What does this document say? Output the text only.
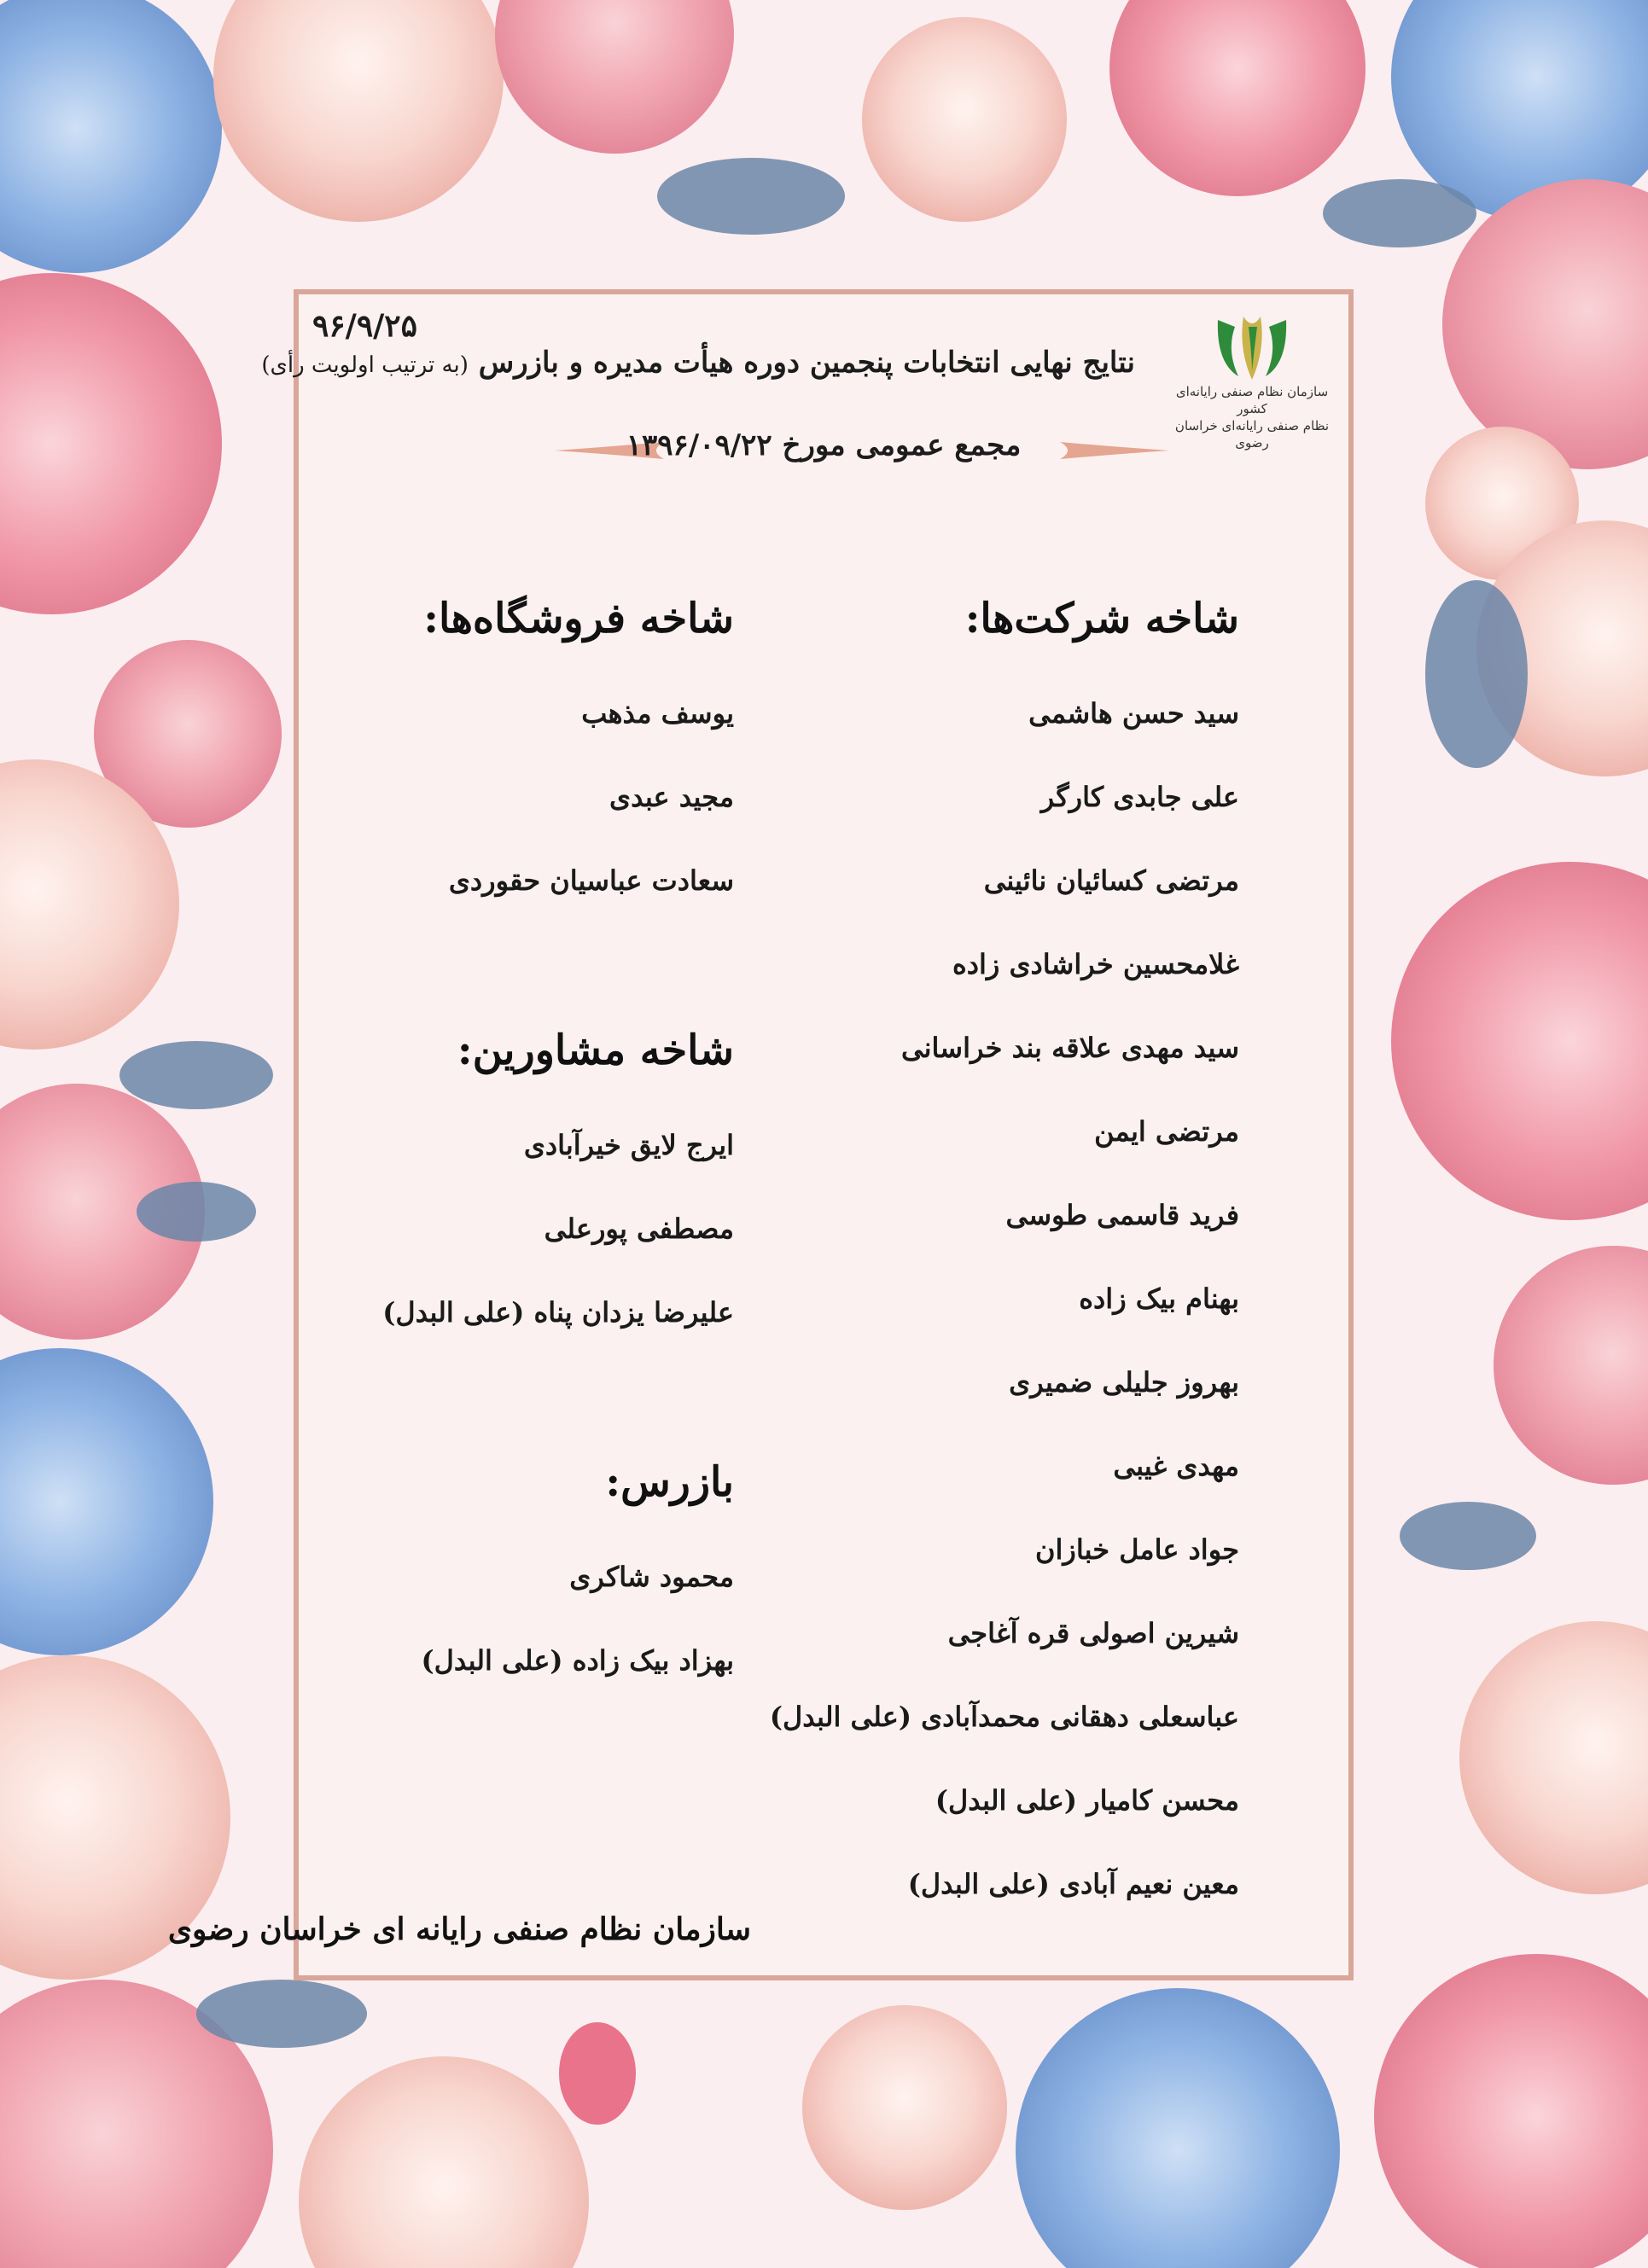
۹۶/۹/۲۵
سازمان نظام صنفی رایانه‌ای کشور
نظام صنفی رایانه‌ای خراسان رضوی
نتایج نهایی انتخابات پنجمین دوره هیأت مدیره و بازرس (به ترتیب اولویت رأی)
مجمع عمومی مورخ ۱۳۹۶/۰۹/۲۲
شاخه شرکت‌ها:
سید حسن هاشمی
علی جابدی کارگر
مرتضی کسائیان نائینی
غلامحسین خراشادی زاده
سید مهدی علاقه بند خراسانی
مرتضی ایمن
فرید قاسمی طوسی
بهنام بیک زاده
بهروز جلیلی ضمیری
مهدی غیبی
جواد عامل خبازان
شیرین اصولی قره آغاجی
عباسعلی دهقانی محمدآبادی (علی البدل)
محسن کامیار (علی البدل)
معین نعیم آبادی (علی البدل)
شاخه فروشگاه‌ها:
یوسف مذهب
مجید عبدی
سعادت عباسیان حقوردی
شاخه مشاورین:
ایرج لایق خیرآبادی
مصطفی پورعلی
علیرضا یزدان پناه (علی البدل)
بازرس:
محمود شاکری
بهزاد بیک زاده (علی البدل)
سازمان نظام صنفی رایانه ای خراسان رضوی
